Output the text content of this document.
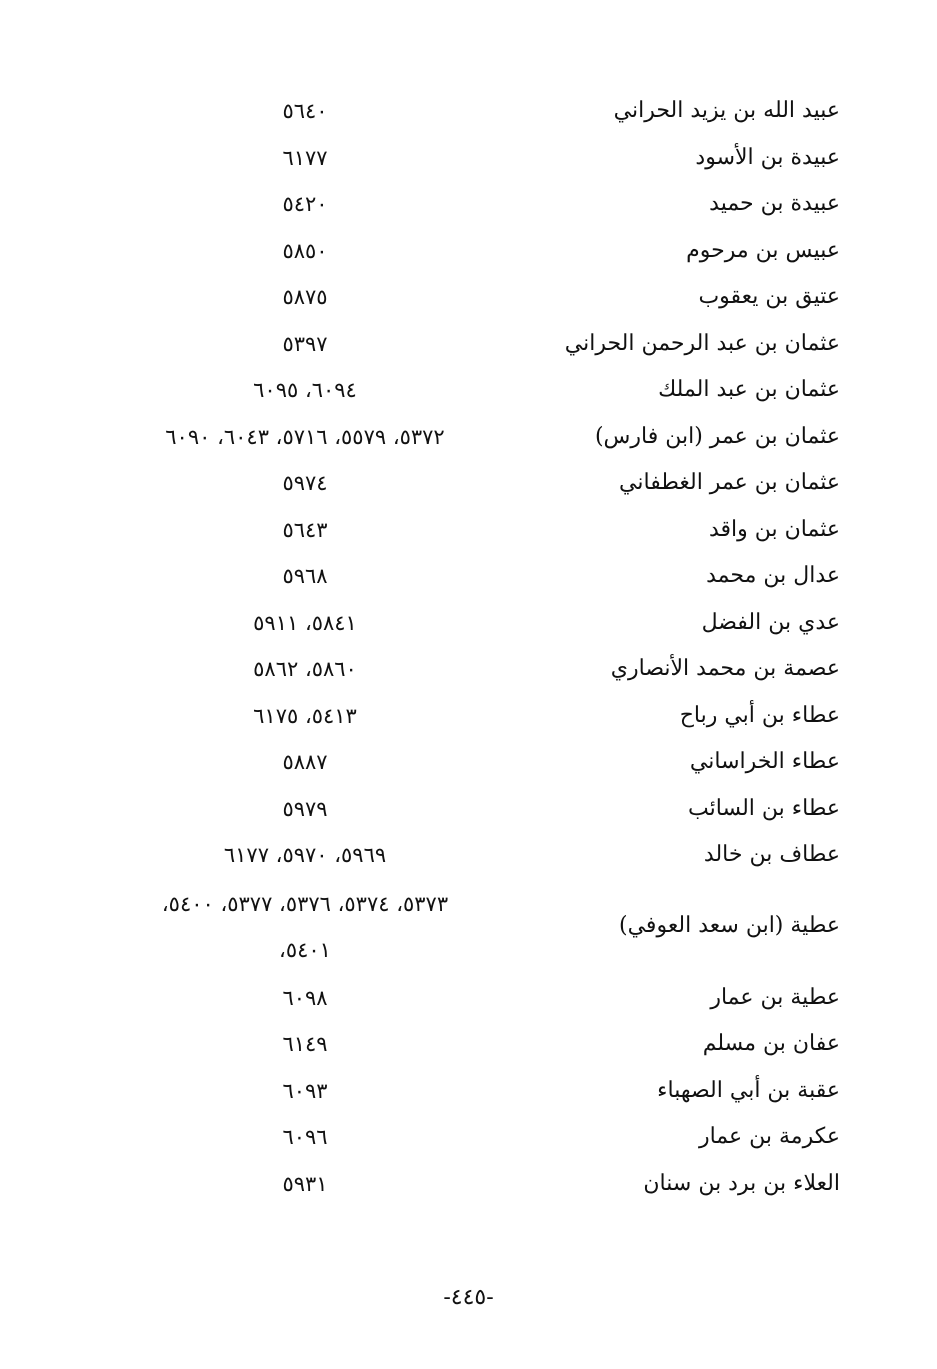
عبيد الله بن يزيد الحراني
٥٦٤٠
عبيدة بن الأسود
٦١٧٧
عبيدة بن حميد
٥٤٢٠
عبيس بن مرحوم
٥٨٥٠
عتيق بن يعقوب
٥٨٧٥
عثمان بن عبد الرحمن الحراني
٥٣٩٧
عثمان بن عبد الملك
٦٠٩٤، ٦٠٩٥
عثمان بن عمر (ابن فارس)
٥٣٧٢، ٥٥٧٩، ٥٧١٦، ٦٠٤٣، ٦٠٩٠
عثمان بن عمر الغطفاني
٥٩٧٤
عثمان بن واقد
٥٦٤٣
عدال بن محمد
٥٩٦٨
عدي بن الفضل
٥٨٤١، ٥٩١١
عصمة بن محمد الأنصاري
٥٨٦٠، ٥٨٦٢
عطاء بن أبي رباح
٥٤١٣، ٦١٧٥
عطاء الخراساني
٥٨٨٧
عطاء بن السائب
٥٩٧٩
عطاف بن خالد
٥٩٦٩، ٥٩٧٠، ٦١٧٧
عطية (ابن سعد العوفي)
٥٣٧٣، ٥٣٧٤، ٥٣٧٦، ٥٣٧٧، ٥٤٠٠،
٥٤٠١،
عطية بن عمار
٦٠٩٨
عفان بن مسلم
٦١٤٩
عقبة بن أبي الصهباء
٦٠٩٣
عكرمة بن عمار
٦٠٩٦
العلاء بن برد بن سنان
٥٩٣١
-٤٤٥-
